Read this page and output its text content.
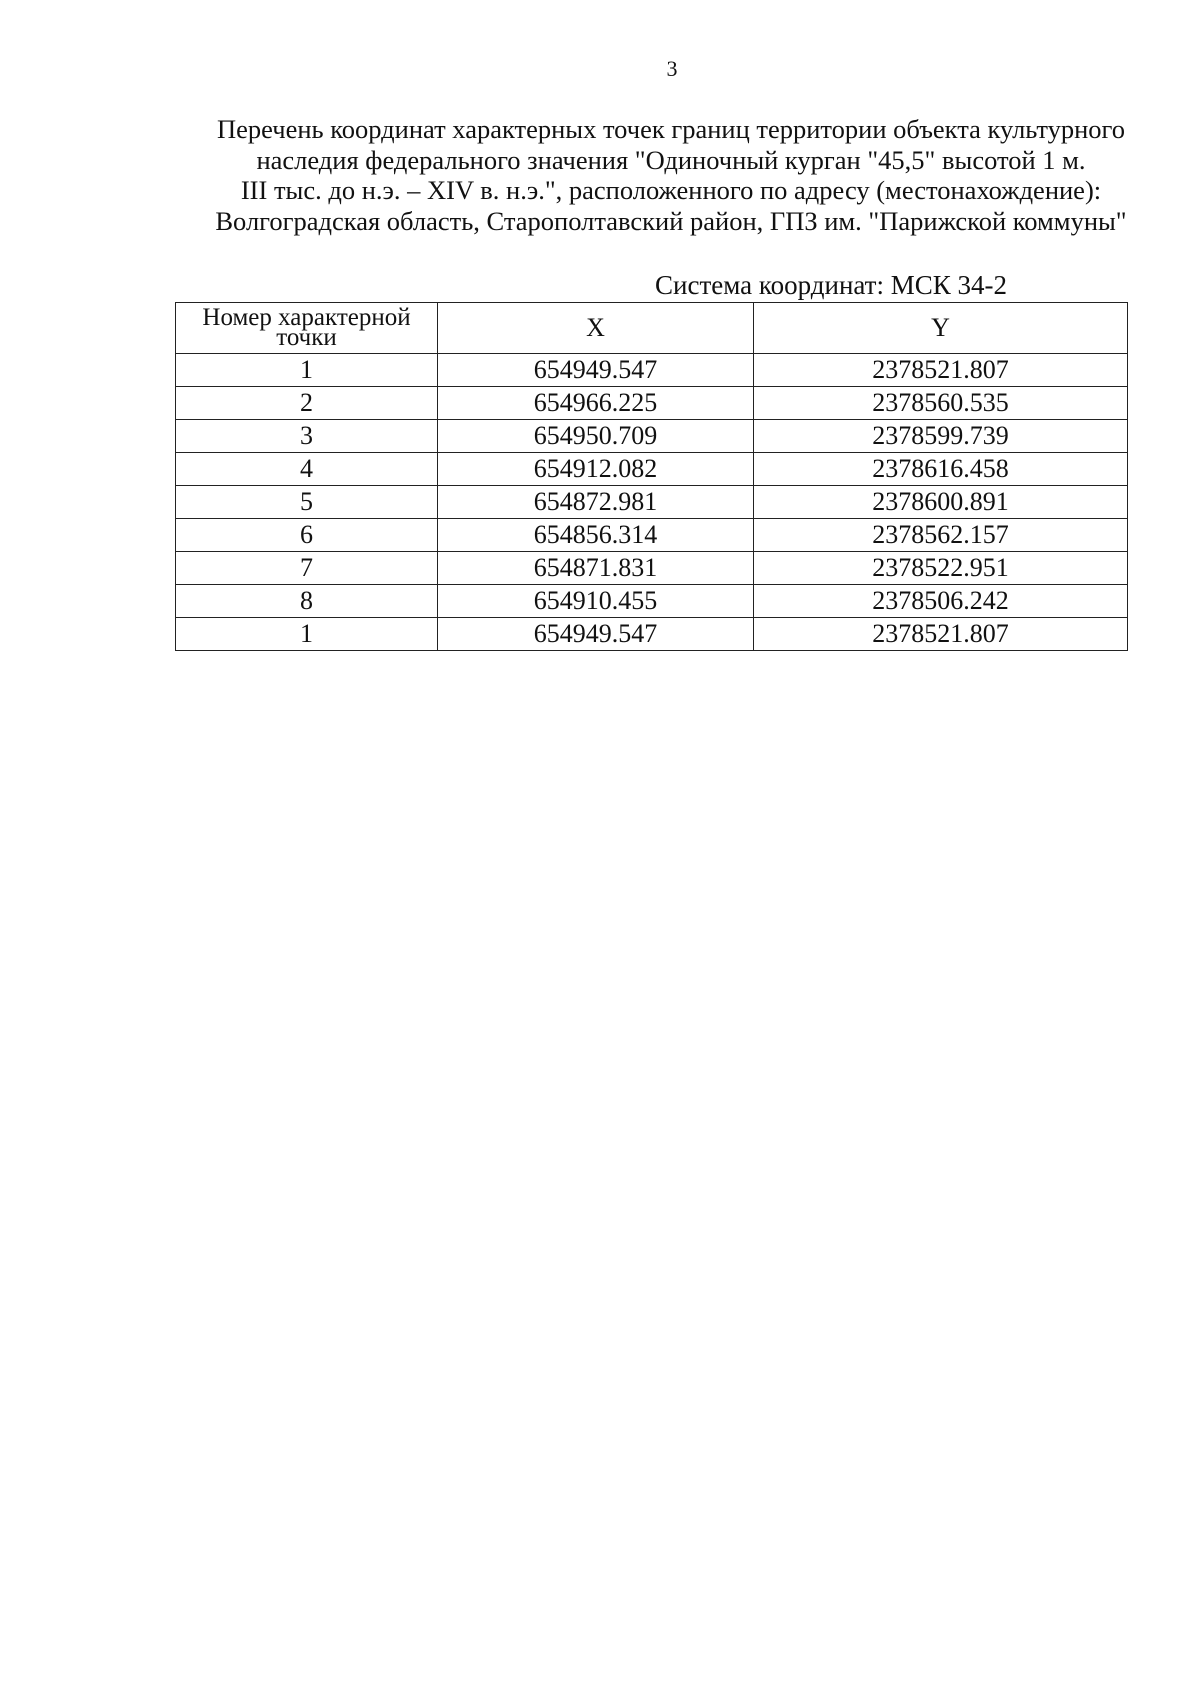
3
Перечень координат характерных точек границ территории объекта культурного
наследия федерального значения "Одиночный курган "45,5" высотой 1 м.
III тыс. до н.э. – XIV в. н.э.", расположенного по адресу (местонахождение):
Волгоградская область, Старополтавский район, ГПЗ им. "Парижской коммуны"
Система координат: МСК 34-2
Номер характерной
точки	X	Y
1	654949.547	2378521.807
2	654966.225	2378560.535
3	654950.709	2378599.739
4	654912.082	2378616.458
5	654872.981	2378600.891
6	654856.314	2378562.157
7	654871.831	2378522.951
8	654910.455	2378506.242
1	654949.547	2378521.807
